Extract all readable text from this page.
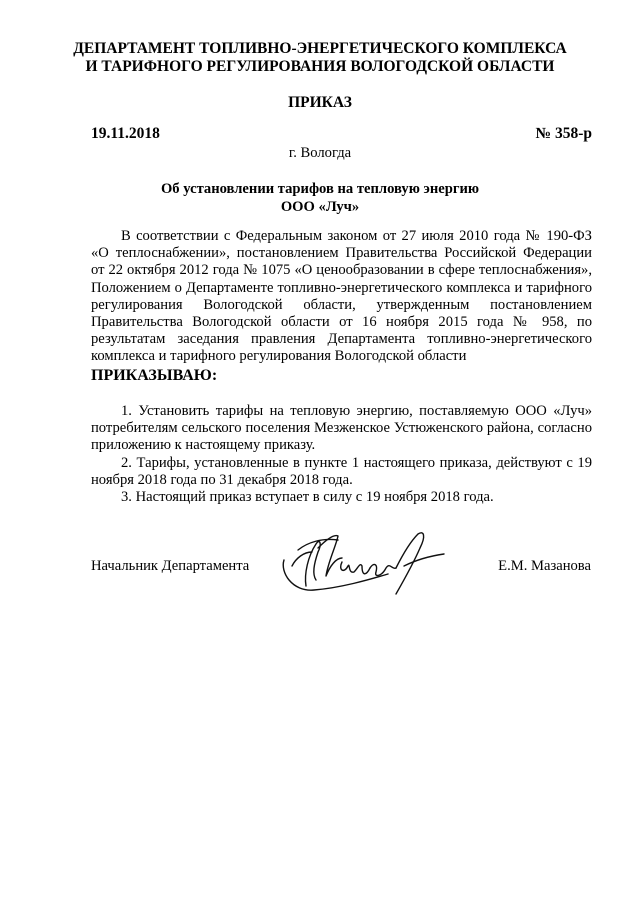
ДЕПАРТАМЕНТ ТОПЛИВНО-ЭНЕРГЕТИЧЕСКОГО КОМПЛЕКСА
И ТАРИФНОГО РЕГУЛИРОВАНИЯ ВОЛОГОДСКОЙ ОБЛАСТИ
ПРИКАЗ
19.11.2018	№ 358-р
г. Вологда
Об установлении тарифов на тепловую энергию
ООО «Луч»
В соответствии с Федеральным законом от 27 июля 2010 года № 190-ФЗ «О теплоснабжении», постановлением Правительства Российской Федерации от 22 октября 2012 года № 1075 «О ценообразовании в сфере теплоснабжения», Положением о Департаменте топливно-энергетического комплекса и тарифного регулирования Вологодской области, утвержденным постановлением Правительства Вологодской области от 16 ноября 2015 года № 958, по результатам заседания правления Департамента топливно-энергетического комплекса и тарифного регулирования Вологодской области
ПРИКАЗЫВАЮ:
1. Установить тарифы на тепловую энергию, поставляемую ООО «Луч» потребителям сельского поселения Мезженское Устюженского района, согласно приложению к настоящему приказу.
2. Тарифы, установленные в пункте 1 настоящего приказа, действуют с 19 ноября 2018 года по 31 декабря 2018 года.
3. Настоящий приказ вступает в силу с 19 ноября 2018 года.
Начальник Департамента	Е.М. Мазанова
